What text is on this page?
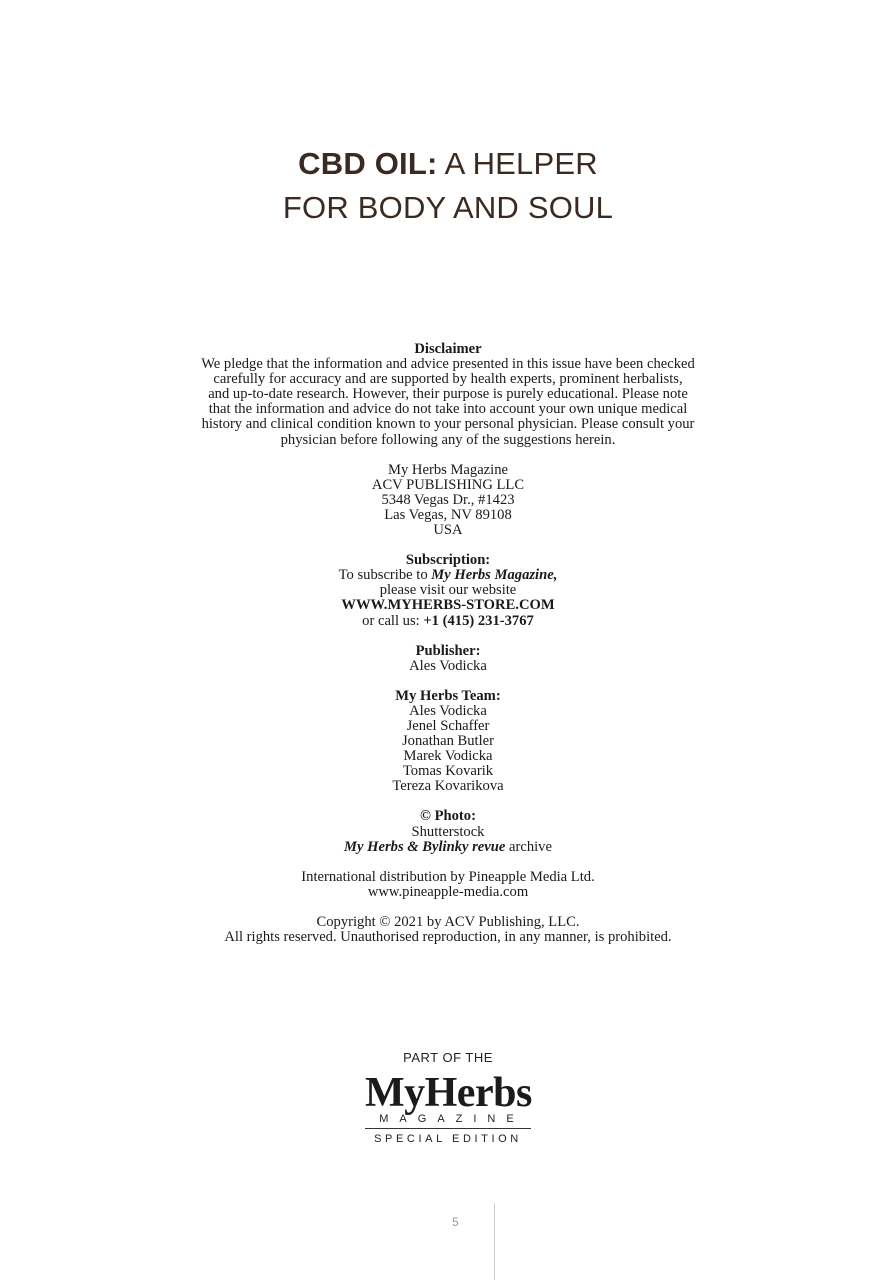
CBD OIL: A HELPER
FOR BODY AND SOUL

Disclaimer

We pledge that the information and advice presented in this issue have been checked

carefully for accuracy and are supported by health experts, prominent herbalists,

and up-to-date research. However, their purpose is purely educational. Please note

that the information and advice do not take into account your own unique medical

history and clinical condition known to your personal physician. Please consult your

physician before following any of the suggestions herein.

My Herbs Magazine

ACV PUBLISHING LLC

5348 Vegas Dr., #1423

Las Vegas, NV 89108

USA

Subscription:

To subscribe to My Herbs Magazine,

please visit our website

WWW.MYHERBS-STORE.COM

or call us: +1 (415) 231-3767

Publisher:

Ales Vodicka

My Herbs Team:

Ales Vodicka

Jenel Schaffer

Jonathan Butler

Marek Vodicka

Tomas Kovarik

Tereza Kovarikova

© Photo:

Shutterstock

My Herbs & Bylinky revue archive

International distribution by Pineapple Media Ltd.

www.pineapple-media.com

Copyright © 2021 by ACV Publishing, LLC.

All rights reserved. Unauthorised reproduction, in any manner, is prohibited.

PART OF THE
MyHerbs
MAGAZINE
SPECIAL EDITION
5
